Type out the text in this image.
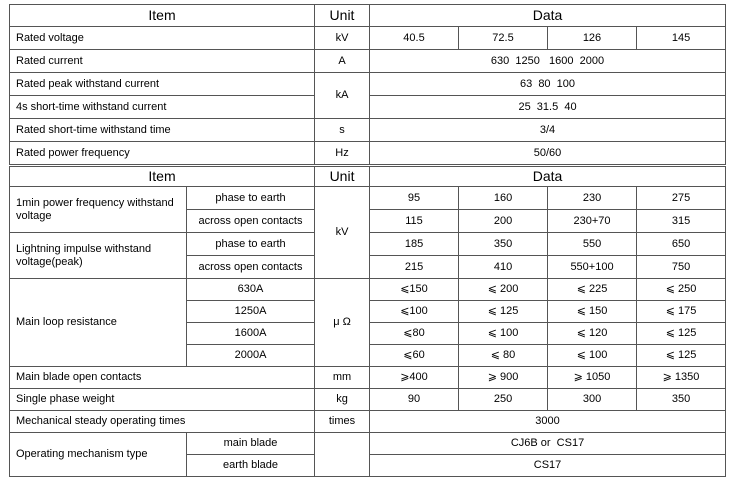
Item	Unit	Data			
Rated voltage	kV	40.5	72.5	126	145
Rated current	A	630  1250   1600  2000			
Rated peak withstand current	kA	63  80  100			
4s short-time withstand current		25  31.5  40			
Rated short-time withstand time	s	3/4			
Rated power frequency	Hz	50/60			
Item		Unit	Data			
1min power frequency withstand voltage	phase to earth	kV	95	160	230	275
	across open contacts		115	200	230+70	315
Lightning impulse withstand voltage(peak)	phase to earth		185	350	550	650
	across open contacts		215	410	550+100	750
Main loop resistance	630A	μ Ω	⩽150	⩽ 200	⩽ 225	⩽ 250
	1250A		⩽100	⩽ 125	⩽ 150	⩽ 175
	1600A		⩽80	⩽ 100	⩽ 120	⩽ 125
	2000A		⩽60	⩽ 80	⩽ 100	⩽ 125
Main blade open contacts		mm	⩾400	⩾ 900	⩾ 1050	⩾ 1350
Single phase weight		kg	90	250	300	350
Mechanical steady operating times		times	3000			
Operating mechanism type	main blade		CJ6B or  CS17			
	earth blade		CS17			
